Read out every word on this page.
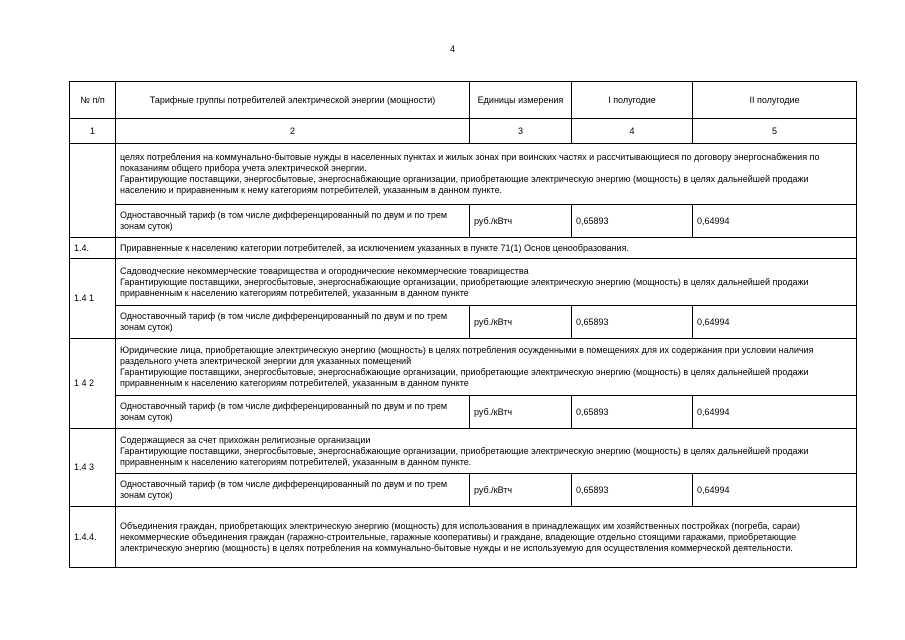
4
№ п/п	Тарифные группы потребителей электрической энергии (мощности)	Единицы измерения	I полугодие	II полугодие
1	2	3	4	5
	целях потребления на коммунально-бытовые нужды в населенных пунктах и жилых зонах при воинских частях и рассчитывающиеся по договору энергоснабжения по показаниям общего прибора учета электрической энергии.
Гарантирующие поставщики, энергосбытовые, энергоснабжающие организации, приобретающие электрическую энергию (мощность) в целях дальнейшей продажи населению и приравненным к нему категориям потребителей, указанным в данном пункте.			
	Одноставочный тариф (в том числе дифференцированный по двум и по трем зонам суток)	руб./кВтч	0,65893	0,64994
1.4.	Приравненные к населению категории потребителей, за исключением указанных в пункте 71(1) Основ ценообразования.			
1.4 1	Садоводческие некоммерческие товарищества и огороднические некоммерческие товарищества
Гарантирующие поставщики, энергосбытовые, энергоснабжающие организации, приобретающие электрическую энергию (мощность) в целях дальнейшей продажи приравненным к населению категориям потребителей, указанным в данном пункте			
	Одноставочный тариф (в том числе дифференцированный по двум и по трем зонам суток)	руб./кВтч	0,65893	0,64994
1 4 2	Юридические лица, приобретающие электрическую энергию (мощность) в целях потребления осужденными в помещениях для их содержания при условии наличия раздельного учета электрической энергии для указанных помещений
Гарантирующие поставщики, энергосбытовые, энергоснабжающие организации, приобретающие электрическую энергию (мощность) в целях дальнейшей продажи приравненным к населению категориям потребителей, указанным в данном пункте			
	Одноставочный тариф (в том числе дифференцированный по двум и по трем зонам суток)	руб./кВтч	0,65893	0,64994
1.4 3	Содержащиеся за счет прихожан религиозные организации
Гарантирующие поставщики, энергосбытовые, энергоснабжающие организации, приобретающие электрическую энергию (мощность) в целях дальнейшей продажи приравненным к населению категориям потребителей, указанным в данном пункте.			
	Одноставочный тариф (в том числе дифференцированный по двум и по трем зонам суток)	руб./кВтч	0,65893	0,64994
1.4.4.	Объединения граждан, приобретающих электрическую энергию (мощность) для использования в принадлежащих им хозяйственных постройках (погреба, сараи) некоммерческие объединения граждан (гаражно-строительные, гаражные кооперативы) и граждане, владеющие отдельно стоящими гаражами, приобретающие электрическую энергию (мощность) в целях потребления на коммунально-бытовые нужды и не используемую для осуществления коммерческой деятельности.			
